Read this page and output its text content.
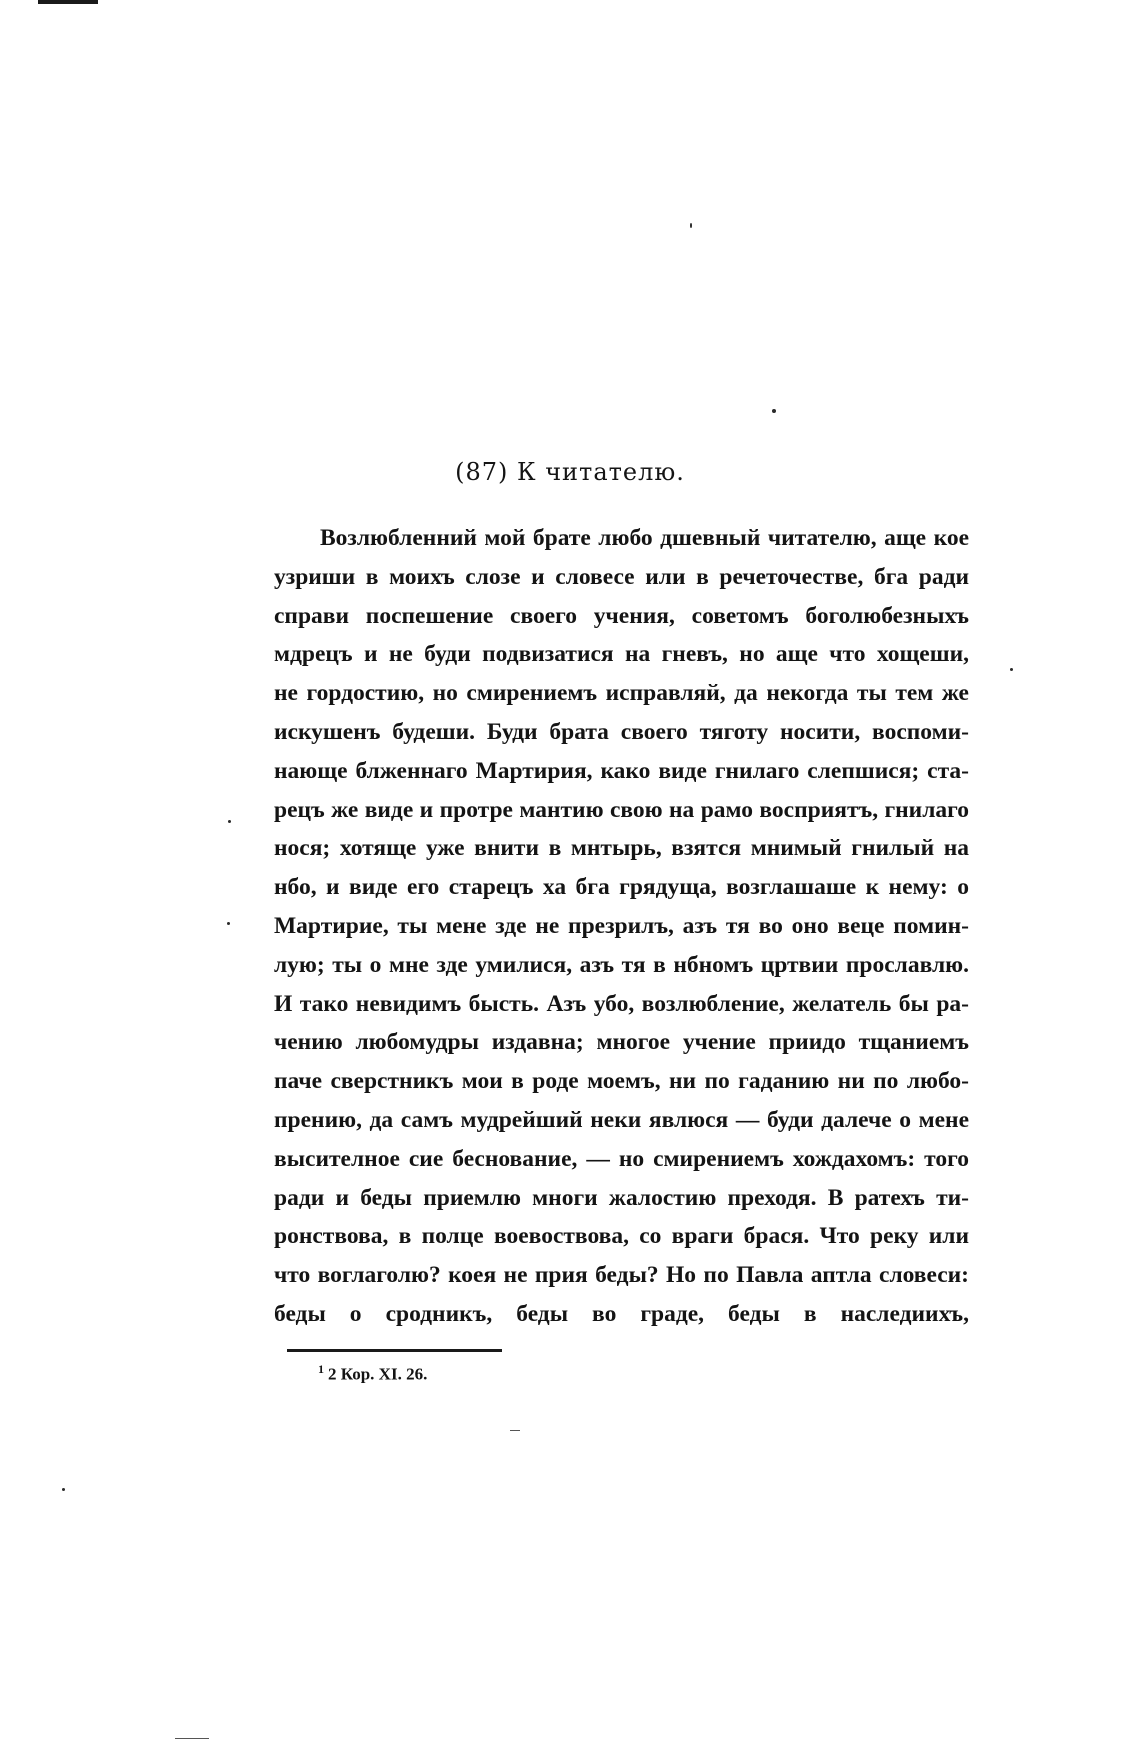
(87) К читателю.
Возлюбленний мой брате любо дшевный читателю, аще кое
узриши в моихъ слозе и словесе или в речеточестве, бга ради
справи поспешение своего учения, советомъ боголюбезныхъ
мдрецъ и не буди подвизатися на гневъ, но аще что хощеши,
не гордостию, но смирениемъ исправляй, да некогда ты тем же
искушенъ будеши. Буди брата своего тяготу носити, воспоми-
нающе блженнаго Мартирия, како виде гнилаго слепшися; ста-
рецъ же виде и протре мантию свою на рамо восприятъ, гнилаго
нося; хотяще уже внити в мнтырь, взятся мнимый гнилый на
нбо, и виде его старецъ ха бга грядуща, возглашаше к нему: о
Мартирие, ты мене зде не презрилъ, азъ тя во оно веце помин-
лую; ты о мне зде умилися, азъ тя в нбномъ цртвии прославлю.
И тако невидимъ бысть. Азъ убо, возлюбление, желатель бы ра-
чению любомудры издавна; многое учение приидо тщаниемъ
паче сверстникъ мои в роде моемъ, ни по гаданию ни по любо-
прению, да самъ мудрейший неки явлюся — буди далече о мене
высителное сие беснование, — но смирениемъ хождахомъ: того
ради и беды приемлю многи жалостию преходя. В ратехъ ти-
ронствова, в полце воевоствова, со враги брася. Что реку или
что воглаголю? коея не прия беды? Но по Павла аптла словеси:
беды о сродникъ, беды во граде, беды в наследиихъ,
$^1$ 2 Кор. XI. 26.
